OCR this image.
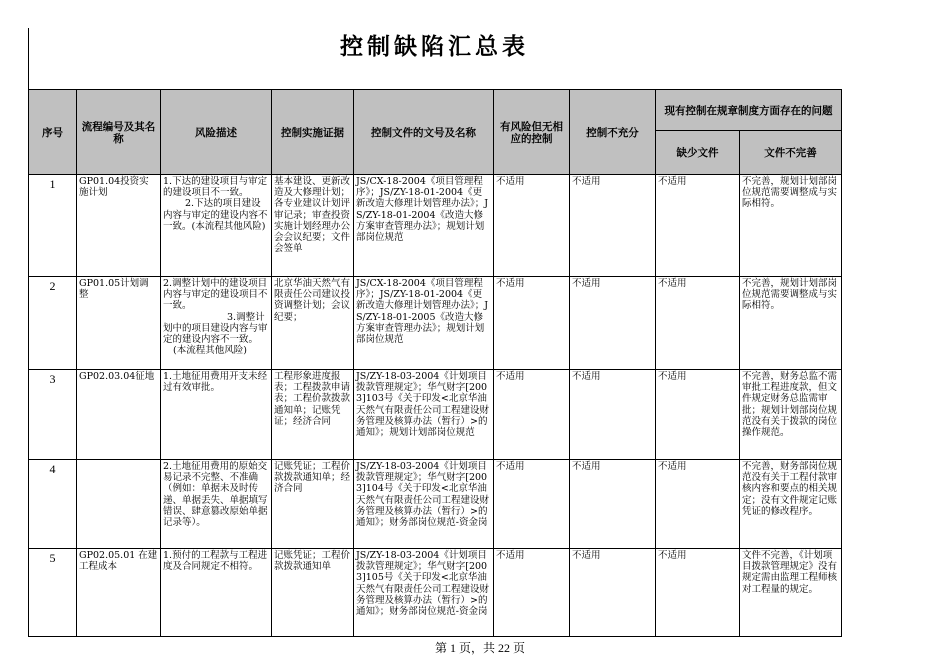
控制缺陷汇总表
序号	流程编号及其名称	风险描述	控制实施证据	控制文件的文号及名称	有风险但无相应的控制	控制不充分	现有控制在规章制度方面存在的问题	
							缺少文件	文件不完善
1	GP01.04投资实施计划	1.下达的建设项目与审定的建设项目不一致。
2.下达的项目建设内容与审定的建设内容不一致。(本流程其他风险)	基本建设、更新改造及大修理计划；各专业建议计划评审记录；审查投资实施计划经理办公会会议纪要；文件会签单	JS/CX-18-2004《项目管理程序》；JS/ZY-18-01-2004《更新改造大修理计划管理办法》；JS/ZY-18-01-2004《改造大修方案审查管理办法》；规划计划部岗位规范	不适用	不适用	不适用	不完善，规划计划部岗位规范需要调整成与实际相符。
2	GP01.05计划调整	2.调整计划中的建设项目内容与审定的建设项目不一致。
3.调整计划中的项目建设内容与审定的建设内容不一致。
(本流程其他风险)	北京华油天然气有限责任公司建议投资调整计划；会议纪要；	JS/CX-18-2004《项目管理程序》；JS/ZY-18-01-2004《更新改造大修理计划管理办法》；JS/ZY-18-01-2005《改造大修方案审查管理办法》；规划计划部岗位规范	不适用	不适用	不适用	不完善，规划计划部岗位规范需要调整成与实际相符。
3	GP02.03.04征地	1.土地征用费用开支未经过有效审批。	工程形象进度报表；工程拨款申请表；工程价款拨款通知单；记账凭证；经济合同	JS/ZY-18-03-2004《计划项目拨款管理规定》；华气财字[2003]103号《关于印发<北京华油天然气有限责任公司工程建设财务管理及核算办法（暂行）>的通知》；规划计划部岗位规范	不适用	不适用	不适用	不完善，财务总监不需审批工程进度款，但文件规定财务总监需审批；规划计划部岗位规范没有关于拨款的岗位操作规范。
4		2.土地征用费用的原始交易记录不完整、不准确（例如：单据未及时传递、单据丢失、单据填写错误、肆意篡改原始单据记录等）。	记账凭证；工程价款拨款通知单；经济合同	JS/ZY-18-03-2004《计划项目拨款管理规定》；华气财字[2003]104号《关于印发<北京华油天然气有限责任公司工程建设财务管理及核算办法（暂行）>的通知》；财务部岗位规范-资金岗	不适用	不适用	不适用	不完善，财务部岗位规范没有关于工程付款审核内容和要点的相关规定；没有文件规定记账凭证的修改程序。
5	GP02.05.01 在建工程成本	1.预付的工程款与工程进度及合同规定不相符。	记账凭证；工程价款拨款通知单	JS/ZY-18-03-2004《计划项目拨款管理规定》；华气财字[2003]105号《关于印发<北京华油天然气有限责任公司工程建设财务管理及核算办法（暂行）>的通知》；财务部岗位规范-资金岗	不适用	不适用	不适用	文件不完善，《计划项目拨款管理规定》没有规定需由监理工程师核对工程量的规定。
第 1 页，共 22 页
